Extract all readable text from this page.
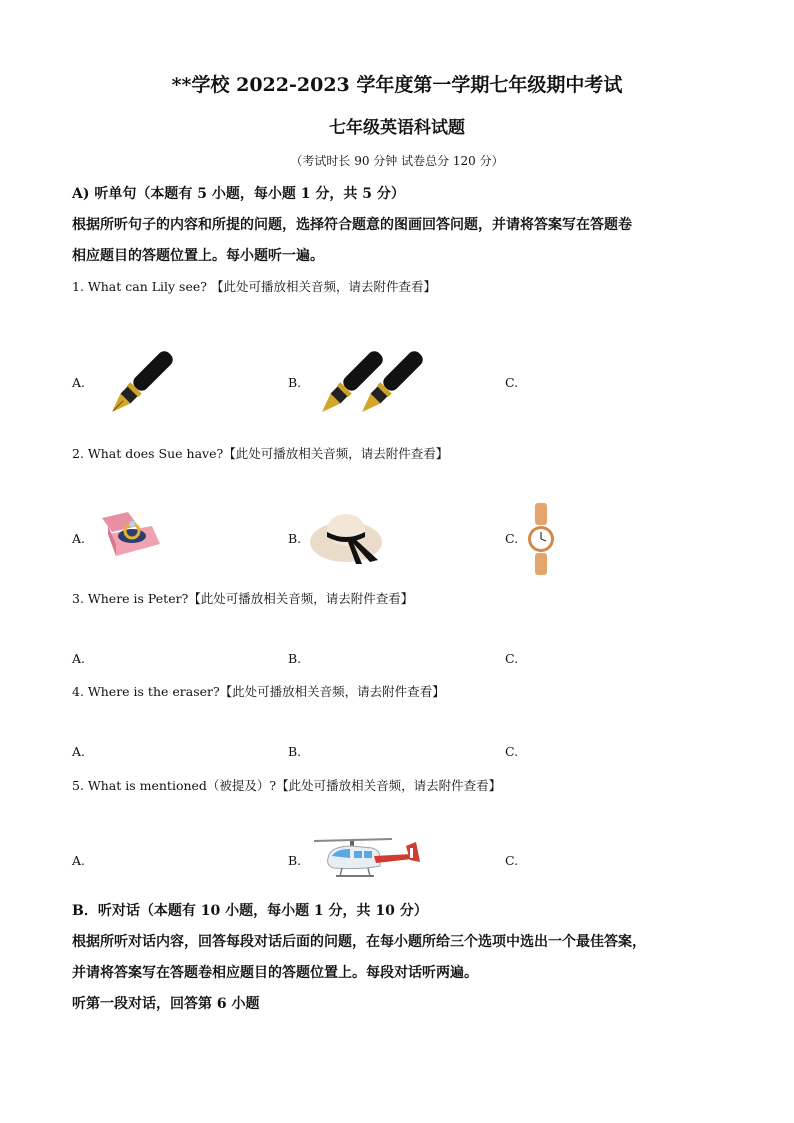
**学校 2022-2023 学年度第一学期七年级期中考试
七年级英语科试题
（考试时长 90 分钟 试卷总分 120 分）
A) 听单句（本题有 5 小题，每小题 1 分，共 5 分）
根据所听句子的内容和所提的问题，选择符合题意的图画回答问题，并请将答案写在答题卷
相应题目的答题位置上。每小题听一遍。
1. What can Lily see? 【此处可播放相关音频，请去附件查看】
A.	B.	C.
2. What does Sue have?【此处可播放相关音频，请去附件查看】
A.	B.	C.
3. Where is Peter?【此处可播放相关音频，请去附件查看】
A.	B.	C.
4. Where is the eraser?【此处可播放相关音频，请去附件查看】
A.	B.	C.
5. What is mentioned（被提及）?【此处可播放相关音频，请去附件查看】
A.	B.	C.
B．听对话（本题有 10 小题，每小题 1 分，共 10 分）
根据所听对话内容，回答每段对话后面的问题，在每小题所给三个选项中选出一个最佳答案，
并请将答案写在答题卷相应题目的答题位置上。每段对话听两遍。
听第一段对话，回答第 6 小题
